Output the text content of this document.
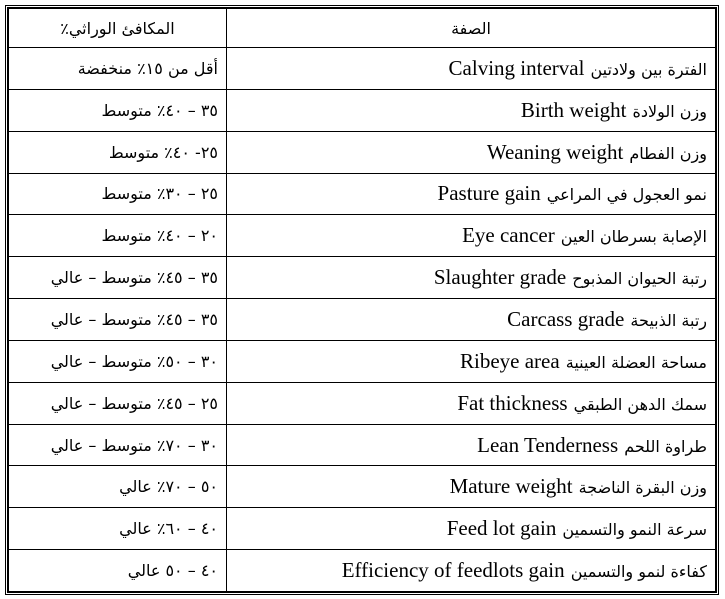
الصفة	المكافئ الوراثي٪
الفترة بين ولادتين Calving interval	أقل من ١٥٪ منخفضة
وزن الولادة Birth weight	٣٥ – ٤٠٪ متوسط
وزن الفطام Weaning weight	٢٥- ٤٠٪ متوسط
نمو العجول في المراعي Pasture gain	٢٥ – ٣٠٪ متوسط
الإصابة بسرطان العين Eye cancer	٢٠ – ٤٠٪ متوسط
رتبة الحيوان المذبوح Slaughter grade	٣٥ – ٤٥٪ متوسط – عالي
رتبة الذبيحة Carcass grade	٣٥ – ٤٥٪ متوسط – عالي
مساحة العضلة العينية Ribeye area	٣٠ – ٥٠٪ متوسط – عالي
سمك الدهن الطبقي Fat thickness	٢٥ – ٤٥٪ متوسط – عالي
طراوة اللحم Lean Tenderness	٣٠ – ٧٠٪ متوسط – عالي
وزن البقرة الناضجة Mature weight	٥٠ – ٧٠٪ عالي
سرعة النمو والتسمين Feed lot gain	٤٠ – ٦٠٪ عالي
كفاءة لنمو والتسمين Efficiency of feedlots gain	٤٠ – ٥٠ عالي
